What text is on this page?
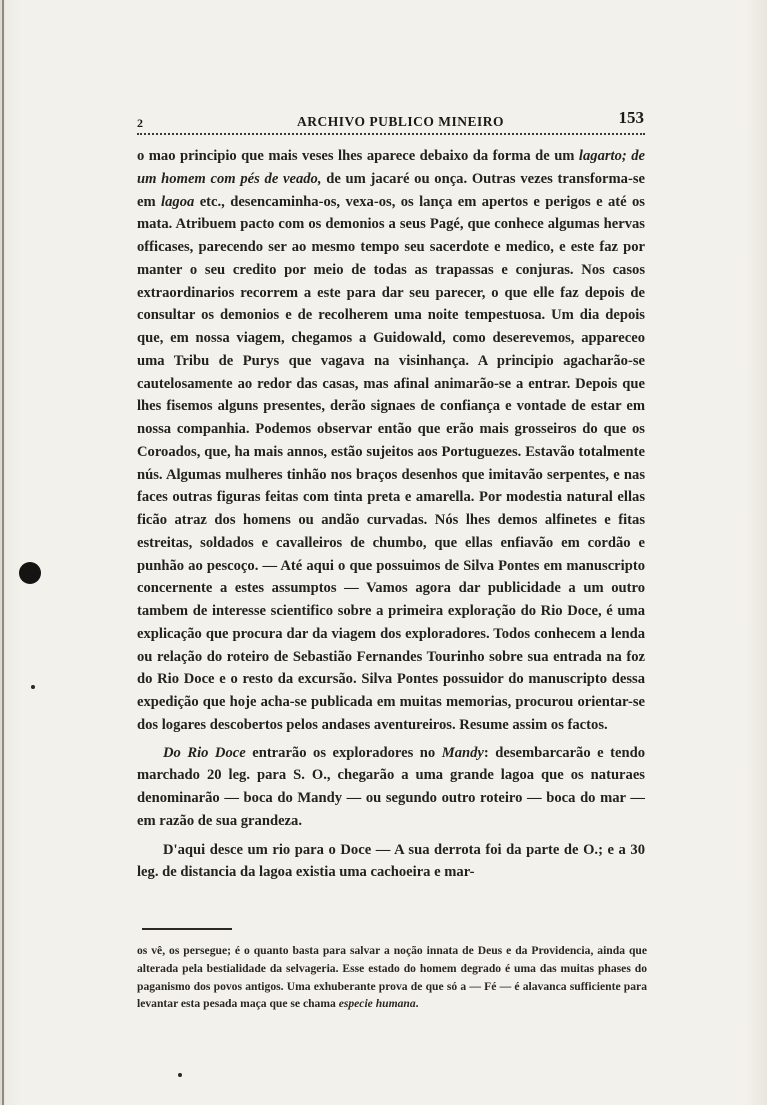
2	ARCHIVO PUBLICO MINEIRO	153

o mao principio que mais veses lhes aparece debaixo da forma de um lagarto; de um homem com pés de veado, de um jacaré ou onça. Outras vezes transforma-se em lagoa etc., desencaminha-os, vexa-os, os lança em apertos e perigos e até os mata. Atribuem pacto com os demonios a seus Pagé, que conhece algumas hervas officases, parecendo ser ao mesmo tempo seu sacerdote e medico, e este faz por manter o seu credito por meio de todas as trapassas e conjuras. Nos casos extraordinarios recorrem a este para dar seu parecer, o que elle faz depois de consultar os demonios e de recolherem uma noite tempestuosa. Um dia depois que, em nossa viagem, chegamos a Guidowald, como deserevemos, appareceo uma Tribu de Purys que vagava na visinhança. A principio agacharão-se cautelosamente ao redor das casas, mas afinal animarão-se a entrar. Depois que lhes fisemos alguns presentes, derão signaes de confiança e vontade de estar em nossa companhia. Podemos observar então que erão mais grosseiros do que os Coroados, que, ha mais annos, estão sujeitos aos Portuguezes. Estavão totalmente nús. Algumas mulheres tinhão nos braços desenhos que imitavão serpentes, e nas faces outras figuras feitas com tinta preta e amarella. Por modestia natural ellas ficão atraz dos homens ou andão curvadas. Nós lhes demos alfinetes e fitas estreitas, soldados e cavalleiros de chumbo, que ellas enfiavão em cordão e punhão ao pescoço. — Até aqui o que possuimos de Silva Pontes em manuscripto concernente a estes assumptos — Vamos agora dar publicidade a um outro tambem de interesse scientifico sobre a primeira exploração do Rio Doce, é uma explicação que procura dar da viagem dos exploradores. Todos conhecem a lenda ou relação do roteiro de Sebastião Fernandes Tourinho sobre sua entrada na foz do Rio Doce e o resto da excursão. Silva Pontes possuidor do manuscripto dessa expedição que hoje acha-se publicada em muitas memorias, procurou orientar-se dos logares descobertos pelos andases aventureiros. Resume assim os factos.

Do Rio Doce entrarão os exploradores no Mandy: desembarcarão e tendo marchado 20 leg. para S. O., chegarão a uma grande lagoa que os naturaes denominarão — boca do Mandy — ou segundo outro roteiro — boca do mar — em razão de sua grandeza.

D'aqui desce um rio para o Doce — A sua derrota foi da parte de O.; e a 30 leg. de distancia da lagoa existia uma cachoeira e mar-

os vê, os persegue; é o quanto basta para salvar a noção innata de Deus e da Providencia, ainda que alterada pela bestialidade da selvageria. Esse estado do homem degrado é uma das muitas phases do paganismo dos povos antigos. Uma exhuberante prova de que só a — Fé — é alavanca sufficiente para levantar esta pesada maça que se chama especie humana.
